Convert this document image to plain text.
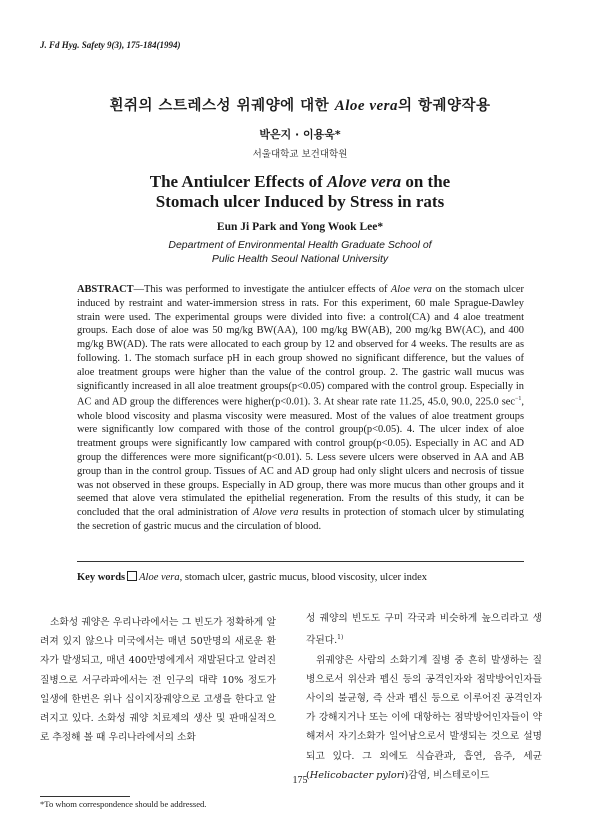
J. Fd Hyg. Safety 9(3), 175-184(1994)
흰쥐의 스트레스성 위궤양에 대한 Aloe vera의 항궤양작용
박은지 · 이용욱*
서울대학교 보건대학원
The Antiulcer Effects of Alove vera on the
Stomach ulcer Induced by Stress in rats
Eun Ji Park and Yong Wook Lee*
Department of Environmental Health Graduate School of
Pulic Health Seoul National University
ABSTRACT—This was performed to investigate the antiulcer effects of Aloe vera on the stomach ulcer induced by restraint and water-immersion stress in rats. For this experiment, 60 male Sprague-Dawley strain were used. The experimental groups were divided into five: a control(CA) and 4 aloe treatment groups. Each dose of aloe was 50 mg/kg BW(AA), 100 mg/kg BW(AB), 200 mg/kg BW(AC), and 400 mg/kg BW(AD). The rats were allocated to each group by 12 and observed for 4 weeks. The results are as following. 1. The stomach surface pH in each group showed no significant difference, but the values of aloe treatment groups were higher than the value of the control group. 2. The gastric wall mucus was significantly increased in all aloe treatment groups(p<0.05) compared with the control group. Especially in AC and AD group the differences were higher(p<0.01). 3. At shear rate rate 11.25, 45.0, 90.0, 225.0 $\sec^{-1}$, whole blood viscosity and plasma viscosity were measured. Most of the values of aloe treatment groups were significantly low compared with those of the control group(p<0.05). 4. The ulcer index of aloe treatment groups were significantly low campared with control group(p<0.05). Especially in AC and AD group the differences were more significant(p<0.01). 5. Less severe ulcers were observed in AA and AB group than in the control group. Tissues of AC and AD group had only slight ulcers and necrosis of tissue was not observed in these groups. Especially in AD group, there was more mucus than other groups and it seemed that alove vera stimulated the epithelial regeneration. From the results of this study, it can be concluded that the oral administration of Alove vera results in protection of stomach ulcer by stimulating the secretion of gastric mucus and the circulation of blood.
Key words Aloe vera, stomach ulcer, gastric mucus, blood viscosity, ulcer index

소화성 궤양은 우리나라에서는 그 빈도가 정확하게 알려져 있지 않으나 미국에서는 매년 50만명의 새로운 환자가 발생되고, 매년 400만명에게서 재발된다고 알려진 질병으로 서구라파에서는 전 인구의 대략 10% 정도가 일생에 한번은 위나 십이지장궤양으로 고생을 한다고 알려지고 있다. 소화성 궤양 치료제의 생산 및 판매실적으로 추정해 볼 때 우리나라에서의 소화

성 궤양의 빈도도 구미 각국과 비슷하게 높으리라고 생각된다.$^{1)}$

위궤양은 사람의 소화기계 질병 중 흔히 발생하는 질병으로서 위산과 펩신 등의 공격인자와 점막방어인자들 사이의 불균형, 즉 산과 펩신 등으로 이루어진 공격인자가 강해지거나 또는 이에 대항하는 점막방어인자들이 약해져서 자기소화가 일어남으로서 발생되는 것으로 설명되고 있다. 그 외에도 식습관과, 흡연, 음주, 세균(Helicobacter pylori)감염, 비스테로이드

175
*To whom correspondence should be addressed.
